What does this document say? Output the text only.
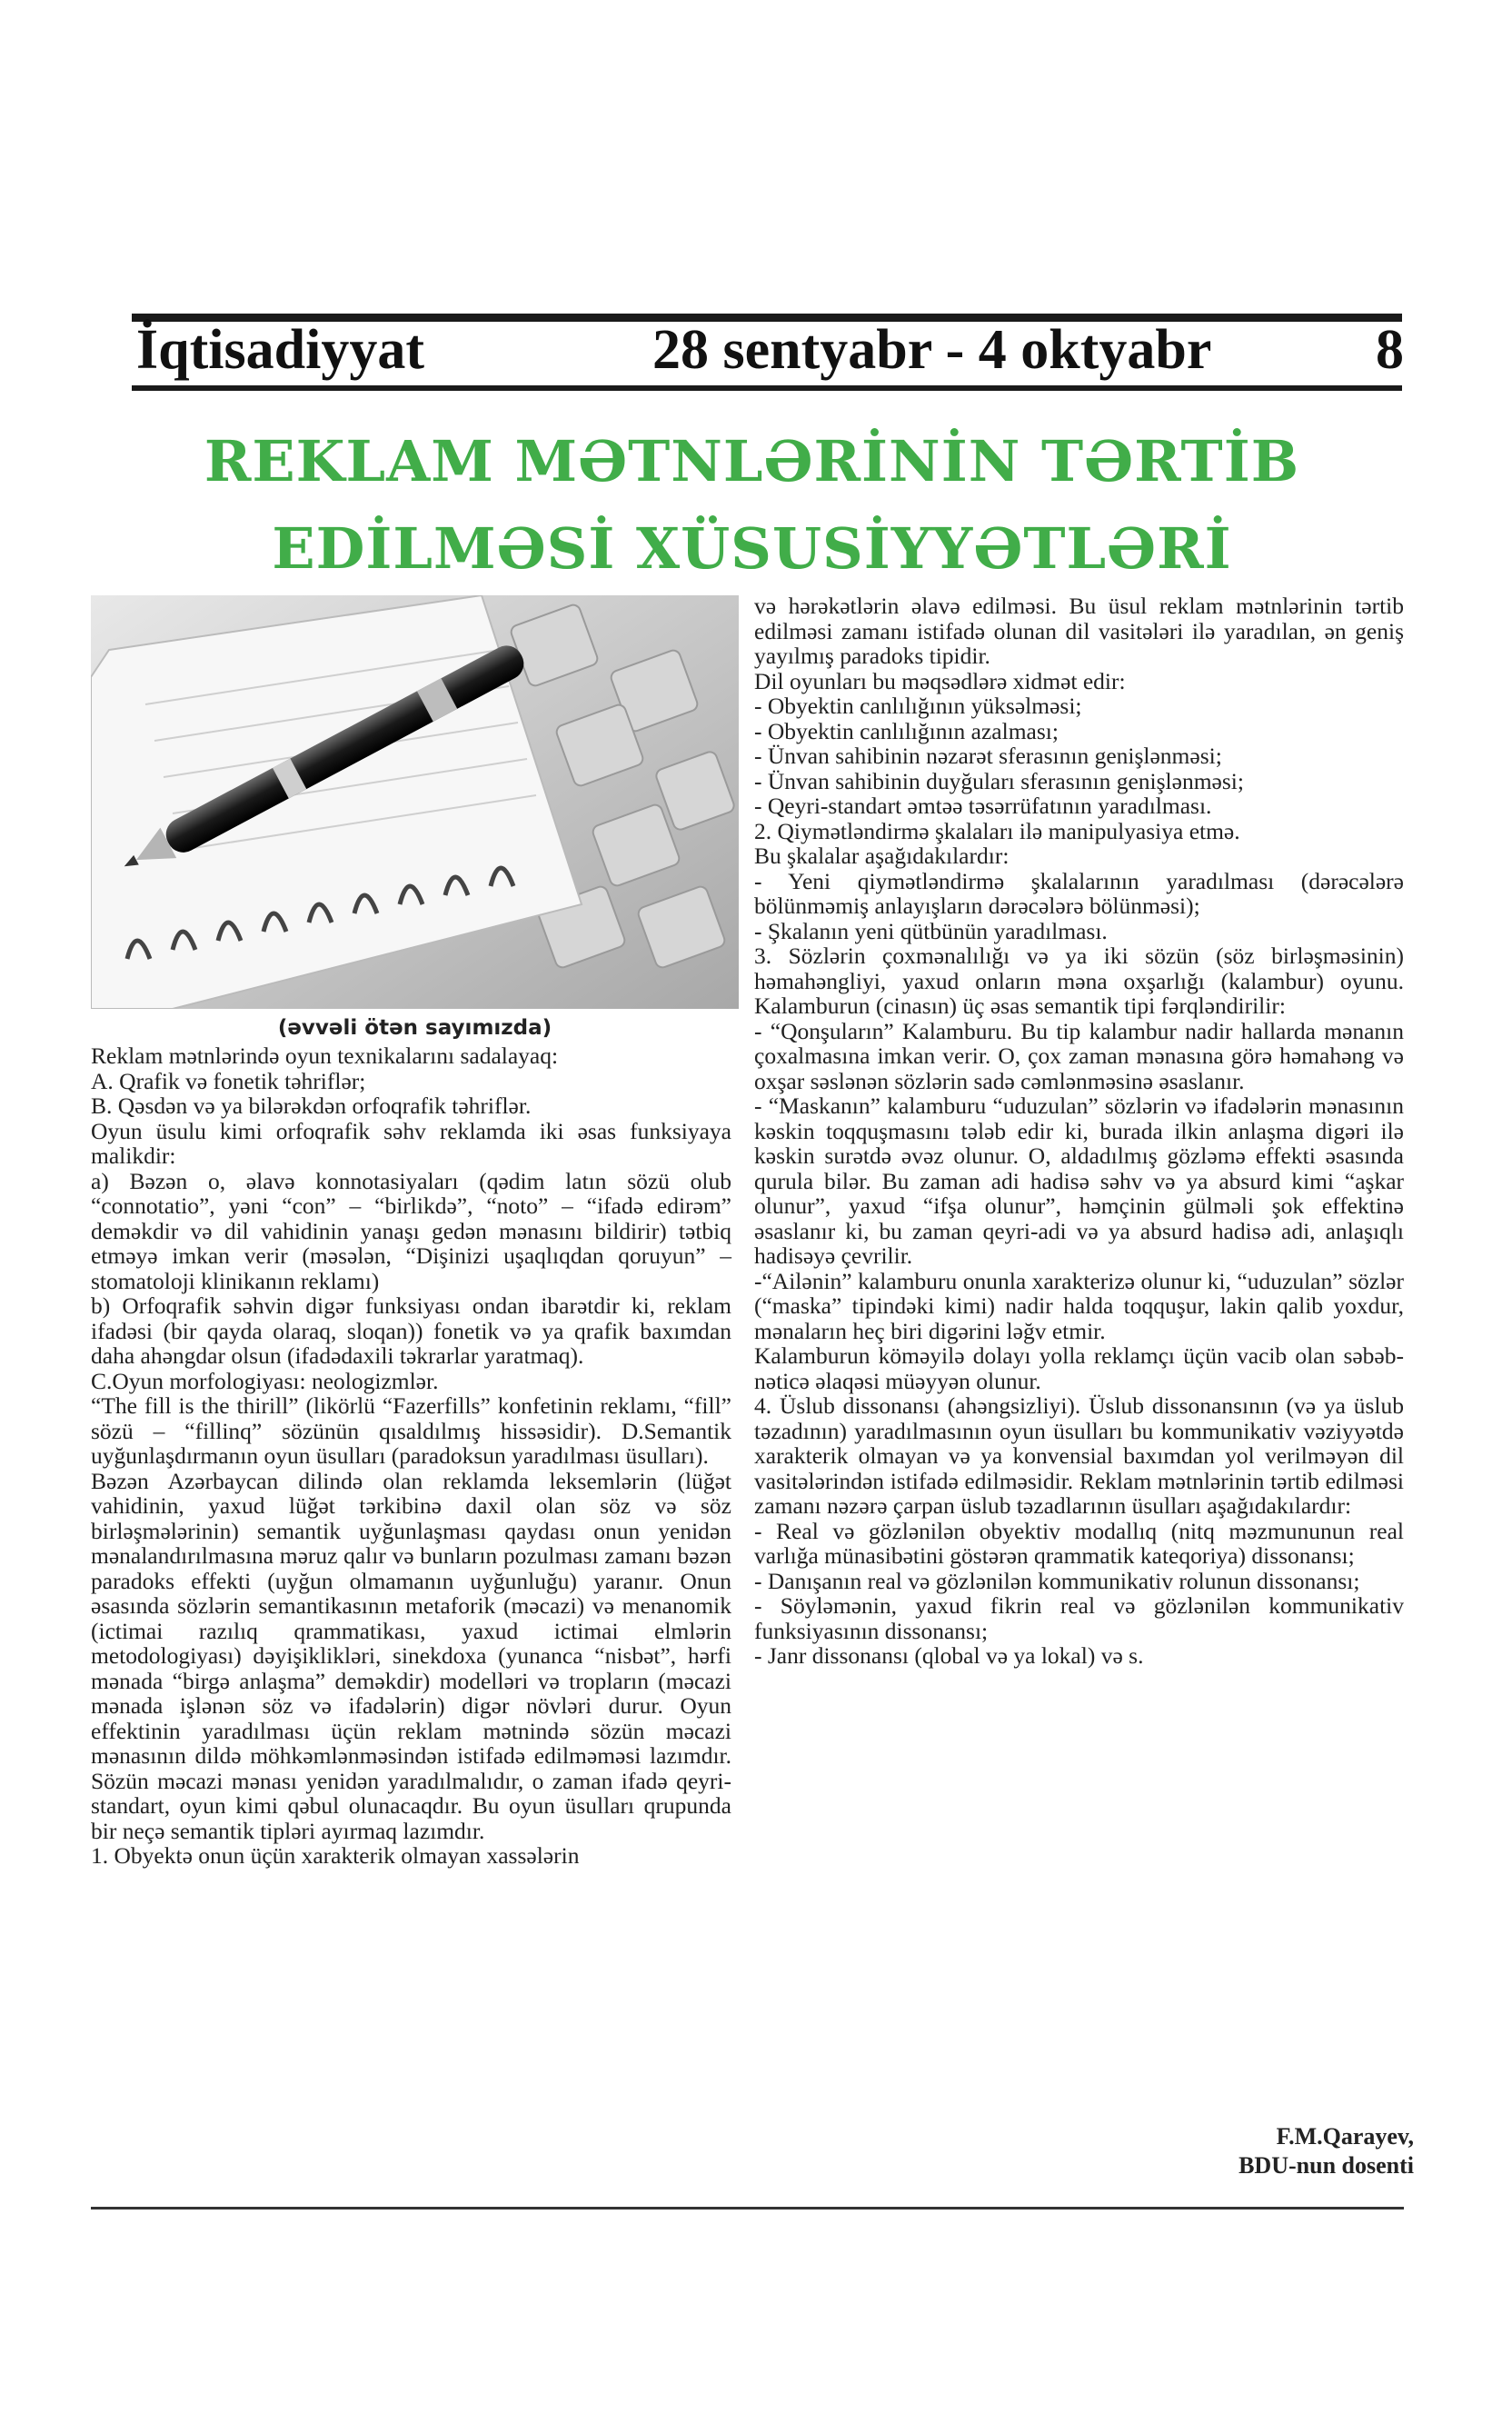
İqtisadiyyat	28 sentyabr - 4 oktyabr	8
REKLAM MƏTNLƏRİNİN TƏRTİB
EDİLMƏSİ XÜSUSİYYƏTLƏRİ
(əvvəli ötən sayımızda)

Reklam mətnlərində oyun texnikalarını sadalayaq:

A. Qrafik və fonetik təhriflər;

B. Qəsdən və ya bilərəkdən orfoqrafik təhriflər.

Oyun üsulu kimi orfoqrafik səhv reklamda iki əsas funksiyaya malikdir:

a) Bəzən o, əlavə konnotasiyaları (qədim latın sözü olub “connotatio”, yəni “con” – “birlikdə”, “noto” – “ifadə edirəm” deməkdir və dil vahidinin yanaşı gedən mənasını bildirir) tətbiq etməyə imkan verir (məsələn, “Dişinizi uşaqlıqdan qoruyun” – stomatoloji klinikanın reklamı)

b) Orfoqrafik səhvin digər funksiyası ondan ibarətdir ki, reklam ifadəsi (bir qayda olaraq, sloqan)) fonetik və ya qrafik baxımdan daha ahəngdar olsun (ifadədaxili təkrarlar yaratmaq).

C.Oyun morfologiyası: neologizmlər.

“The fill is the thirill” (likörlü “Fazerfills” konfetinin reklamı, “fill” sözü – “fillinq” sözünün qısaldılmış hissəsidir). D.Semantik uyğunlaşdırmanın oyun üsulları (paradoksun yaradılması üsulları).

Bəzən Azərbaycan dilində olan reklamda leksemlərin (lüğət vahidinin, yaxud lüğət tərkibinə daxil olan söz və söz birləşmələrinin) semantik uyğunlaşması qaydası onun yenidən mənalandırılmasına məruz qalır və bunların pozulması zamanı bəzən paradoks effekti (uyğun olmamanın uyğunluğu) yaranır. Onun əsasında sözlərin semantikasının metaforik (məcazi) və menanomik (ictimai razılıq qrammatikası, yaxud ictimai elmlərin metodologiyası) dəyişiklikləri, sinekdoxa (yunanca “nisbət”, hərfi mənada “birgə anlaşma” deməkdir) modelləri və tropların (məcazi mənada işlənən söz və ifadələrin) digər növləri durur. Oyun effektinin yaradılması üçün reklam mətnində sözün məcazi mənasının dildə möhkəmlənməsindən istifadə edilməməsi lazımdır. Sözün məcazi mənası yenidən yaradılmalıdır, o zaman ifadə qeyri-standart, oyun kimi qəbul olunacaqdır. Bu oyun üsulları qrupunda bir neçə semantik tipləri ayırmaq lazımdır.

1. Obyektə onun üçün xarakterik olmayan xassələrin

və hərəkətlərin əlavə edilməsi. Bu üsul reklam mətnlərinin tərtib edilməsi zamanı istifadə olunan dil vasitələri ilə yaradılan, ən geniş yayılmış paradoks tipidir.

Dil oyunları bu məqsədlərə xidmət edir:

- Obyektin canlılığının yüksəlməsi;

- Obyektin canlılığının azalması;

- Ünvan sahibinin nəzarət sferasının genişlənməsi;

- Ünvan sahibinin duyğuları sferasının genişlənməsi;

- Qeyri-standart əmtəə təsərrüfatının yaradılması.

2. Qiymətləndirmə şkalaları ilə manipulyasiya etmə.

Bu şkalalar aşağıdakılardır:

- Yeni qiymətləndirmə şkalalarının yaradılması (dərəcələrə bölünməmiş anlayışların dərəcələrə bölünməsi);

- Şkalanın yeni qütbünün yaradılması.

3. Sözlərin çoxmənalılığı və ya iki sözün (söz birləşməsinin) həmahəngliyi, yaxud onların məna oxşarlığı (kalambur) oyunu. Kalamburun (cinasın) üç əsas semantik tipi fərqləndirilir:

- “Qonşuların” Kalamburu. Bu tip kalambur nadir hallarda mənanın çoxalmasına imkan verir. O, çox zaman mənasına görə həmahəng və oxşar səslənən sözlərin sadə cəmlənməsinə əsaslanır.

- “Maskanın” kalamburu “uduzulan” sözlərin və ifadələrin mənasının kəskin toqquşmasını tələb edir ki, burada ilkin anlaşma digəri ilə kəskin surətdə əvəz olunur. O, aldadılmış gözləmə effekti əsasında qurula bilər. Bu zaman adi hadisə səhv və ya absurd kimi “aşkar olunur”, yaxud “ifşa olunur”, həmçinin gülməli şok effektinə əsaslanır ki, bu zaman qeyri-adi və ya absurd hadisə adi, anlaşıqlı hadisəyə çevrilir.

-“Ailənin” kalamburu onunla xarakterizə olunur ki, “uduzulan” sözlər (“maska” tipindəki kimi) nadir halda toqquşur, lakin qalib yoxdur, mənaların heç biri digərini ləğv etmir.

Kalamburun köməyilə dolayı yolla reklamçı üçün vacib olan səbəb-nəticə əlaqəsi müəyyən olunur.

4. Üslub dissonansı (ahəngsizliyi). Üslub dissonansının (və ya üslub təzadının) yaradılmasının oyun üsulları bu kommunikativ vəziyyətdə xarakterik olmayan və ya konvensial baxımdan yol verilməyən dil vasitələrindən istifadə edilməsidir. Reklam mətnlərinin tərtib edilməsi zamanı nəzərə çarpan üslub təzadlarının üsulları aşağıdakılardır:

- Real və gözlənilən obyektiv modallıq (nitq məzmununun real varlığa münasibətini göstərən qrammatik kateqoriya) dissonansı;

- Danışanın real və gözlənilən kommunikativ rolunun dissonansı;

- Söyləmənin, yaxud fikrin real və gözlənilən kommunikativ funksiyasının dissonansı;

- Janr dissonansı (qlobal və ya lokal) və s.

F.M.Qarayev,
BDU-nun dosenti
